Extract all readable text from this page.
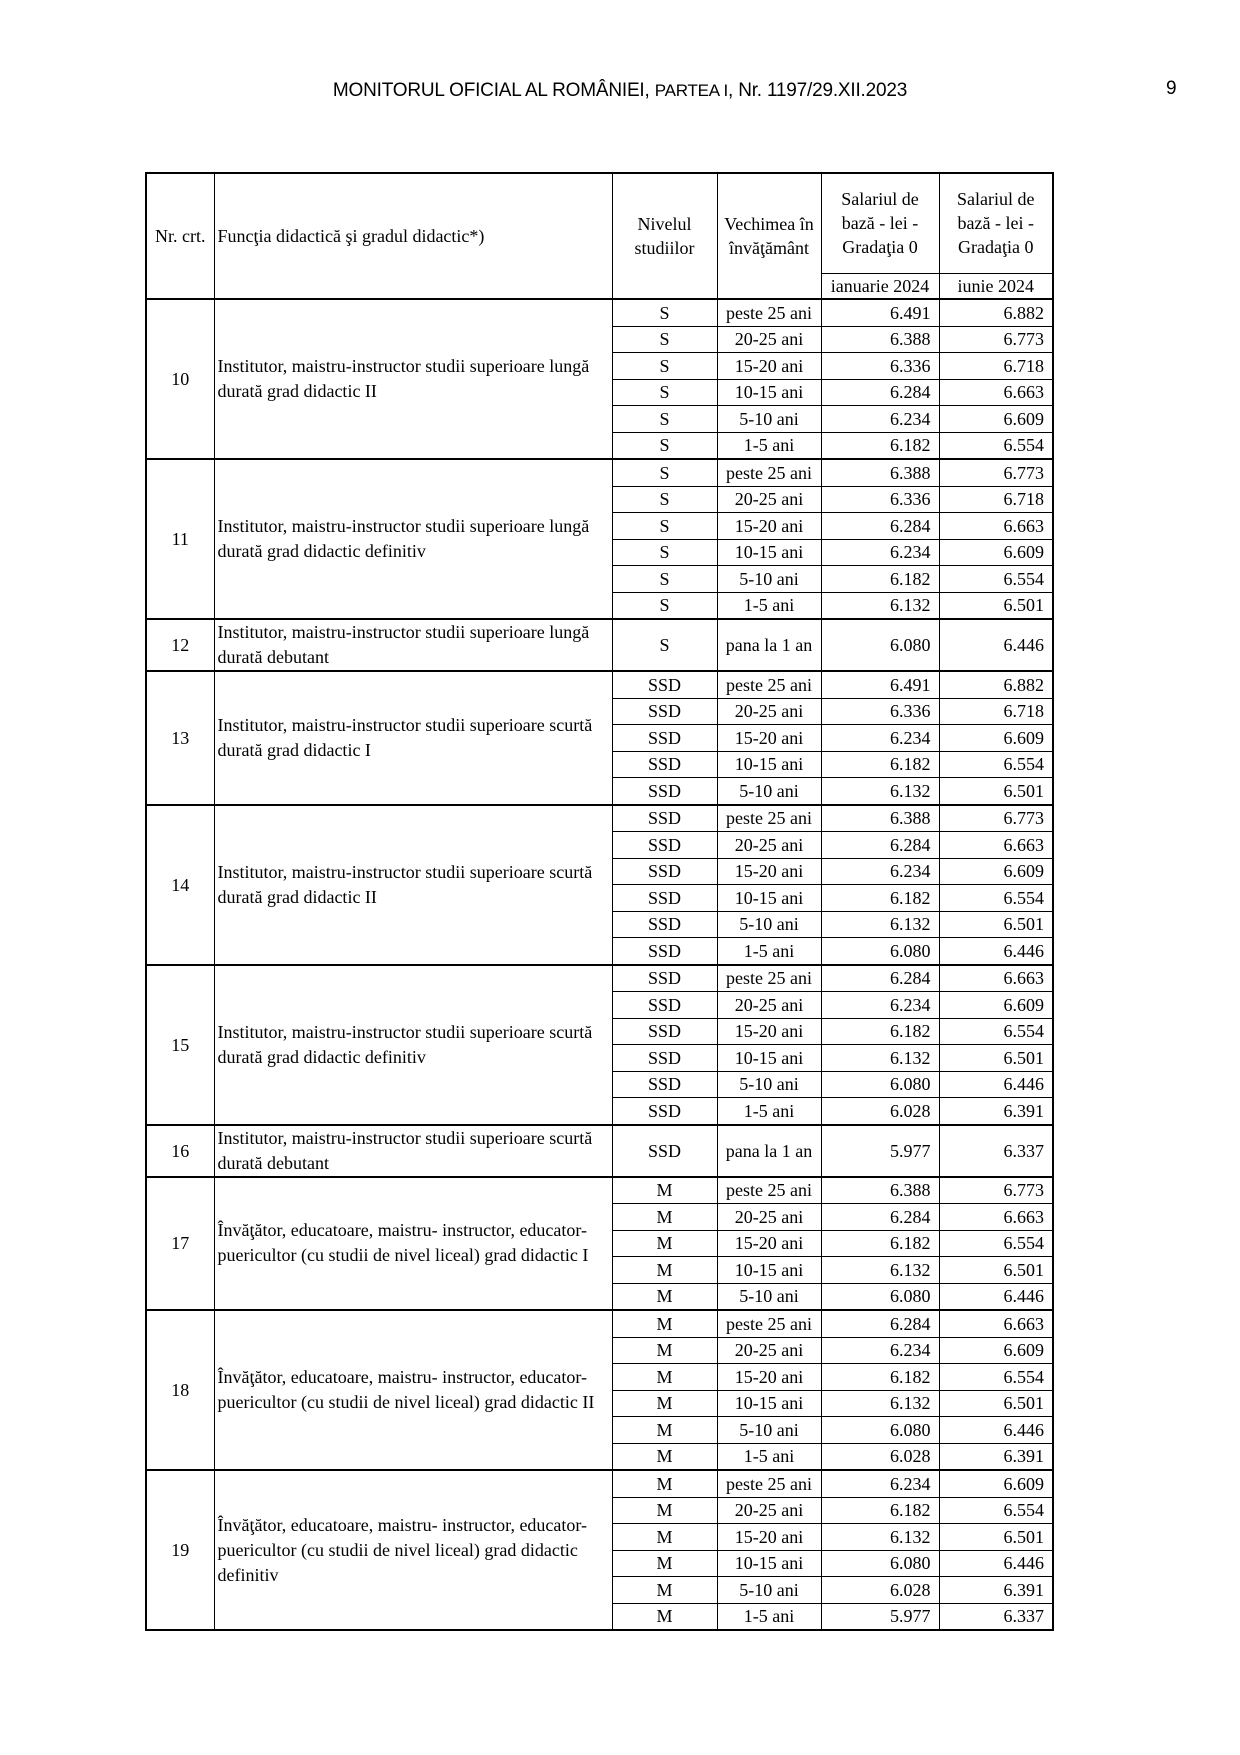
MONITORUL OFICIAL AL ROMÂNIEI, PARTEA I, Nr. 1197/29.XII.2023	9
Nr. crt.	Funcţia didactică şi gradul didactic*)	Nivelul studiilor	Vechimea în învăţământ	Salariul de bază - lei - Gradaţia 0	Salariul de bază - lei - Gradaţia 0
				ianuarie 2024	iunie 2024
10	Institutor, maistru-instructor studii superioare lungă durată grad didactic II	S	peste 25 ani	6.491	6.882
		S	20-25 ani	6.388	6.773
		S	15-20 ani	6.336	6.718
		S	10-15 ani	6.284	6.663
		S	5-10 ani	6.234	6.609
		S	1-5 ani	6.182	6.554
11	Institutor, maistru-instructor studii superioare lungă durată grad didactic definitiv	S	peste 25 ani	6.388	6.773
		S	20-25 ani	6.336	6.718
		S	15-20 ani	6.284	6.663
		S	10-15 ani	6.234	6.609
		S	5-10 ani	6.182	6.554
		S	1-5 ani	6.132	6.501
12	Institutor, maistru-instructor studii superioare lungă durată debutant	S	pana la 1 an	6.080	6.446
13	Institutor, maistru-instructor studii superioare scurtă durată grad didactic I	SSD	peste 25 ani	6.491	6.882
		SSD	20-25 ani	6.336	6.718
		SSD	15-20 ani	6.234	6.609
		SSD	10-15 ani	6.182	6.554
		SSD	5-10 ani	6.132	6.501
14	Institutor, maistru-instructor studii superioare scurtă durată grad didactic II	SSD	peste 25 ani	6.388	6.773
		SSD	20-25 ani	6.284	6.663
		SSD	15-20 ani	6.234	6.609
		SSD	10-15 ani	6.182	6.554
		SSD	5-10 ani	6.132	6.501
		SSD	1-5 ani	6.080	6.446
15	Institutor, maistru-instructor studii superioare scurtă durată grad didactic definitiv	SSD	peste 25 ani	6.284	6.663
		SSD	20-25 ani	6.234	6.609
		SSD	15-20 ani	6.182	6.554
		SSD	10-15 ani	6.132	6.501
		SSD	5-10 ani	6.080	6.446
		SSD	1-5 ani	6.028	6.391
16	Institutor, maistru-instructor studii superioare scurtă durată debutant	SSD	pana la 1 an	5.977	6.337
17	Învăţător, educatoare, maistru- instructor, educator-puericultor (cu studii de nivel liceal) grad didactic I	M	peste 25 ani	6.388	6.773
		M	20-25 ani	6.284	6.663
		M	15-20 ani	6.182	6.554
		M	10-15 ani	6.132	6.501
		M	5-10 ani	6.080	6.446
18	Învăţător, educatoare, maistru- instructor, educator-puericultor (cu studii de nivel liceal) grad didactic II	M	peste 25 ani	6.284	6.663
		M	20-25 ani	6.234	6.609
		M	15-20 ani	6.182	6.554
		M	10-15 ani	6.132	6.501
		M	5-10 ani	6.080	6.446
		M	1-5 ani	6.028	6.391
19	Învăţător, educatoare, maistru- instructor, educator-puericultor (cu studii de nivel liceal) grad didactic definitiv	M	peste 25 ani	6.234	6.609
		M	20-25 ani	6.182	6.554
		M	15-20 ani	6.132	6.501
		M	10-15 ani	6.080	6.446
		M	5-10 ani	6.028	6.391
		M	1-5 ani	5.977	6.337
